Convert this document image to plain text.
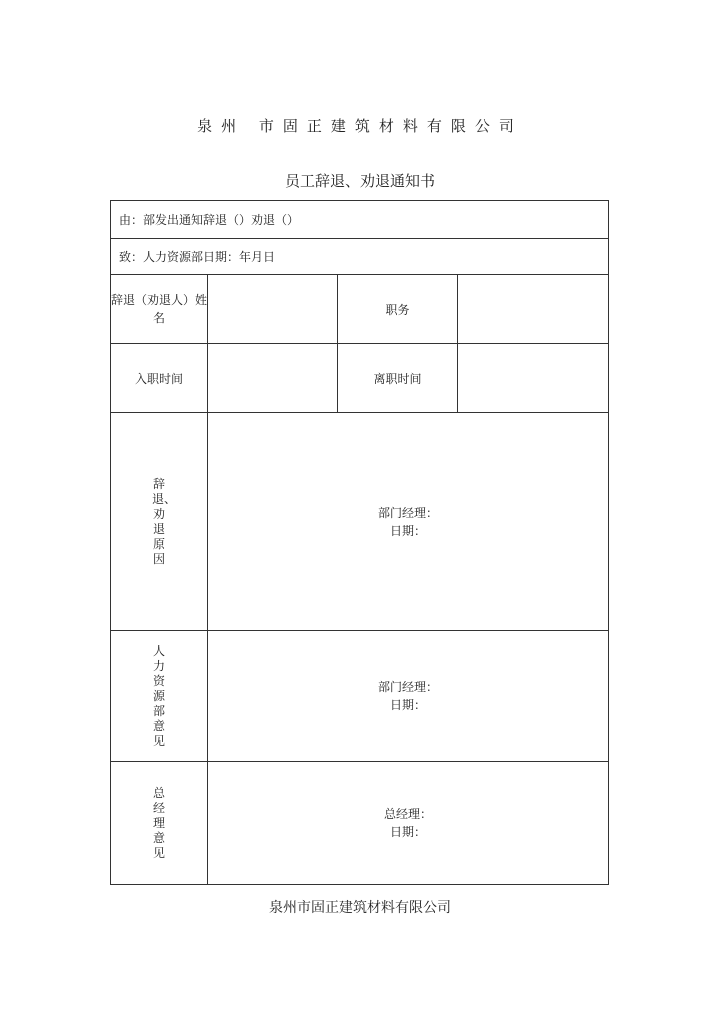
泉州 市固正建筑材料有限公司
员工辞退、劝退通知书
由：部发出通知辞退（）劝退（）			
致：人力资源部日期：年月日			
辞退（劝退人）姓名		职务	
入职时间		离职时间	
辞退、劝退原因	部门经理：
日期：		

人力资源部意见	部门经理：
日期：		

总经理意见	总经理：
日期：		
泉州市固正建筑材料有限公司
